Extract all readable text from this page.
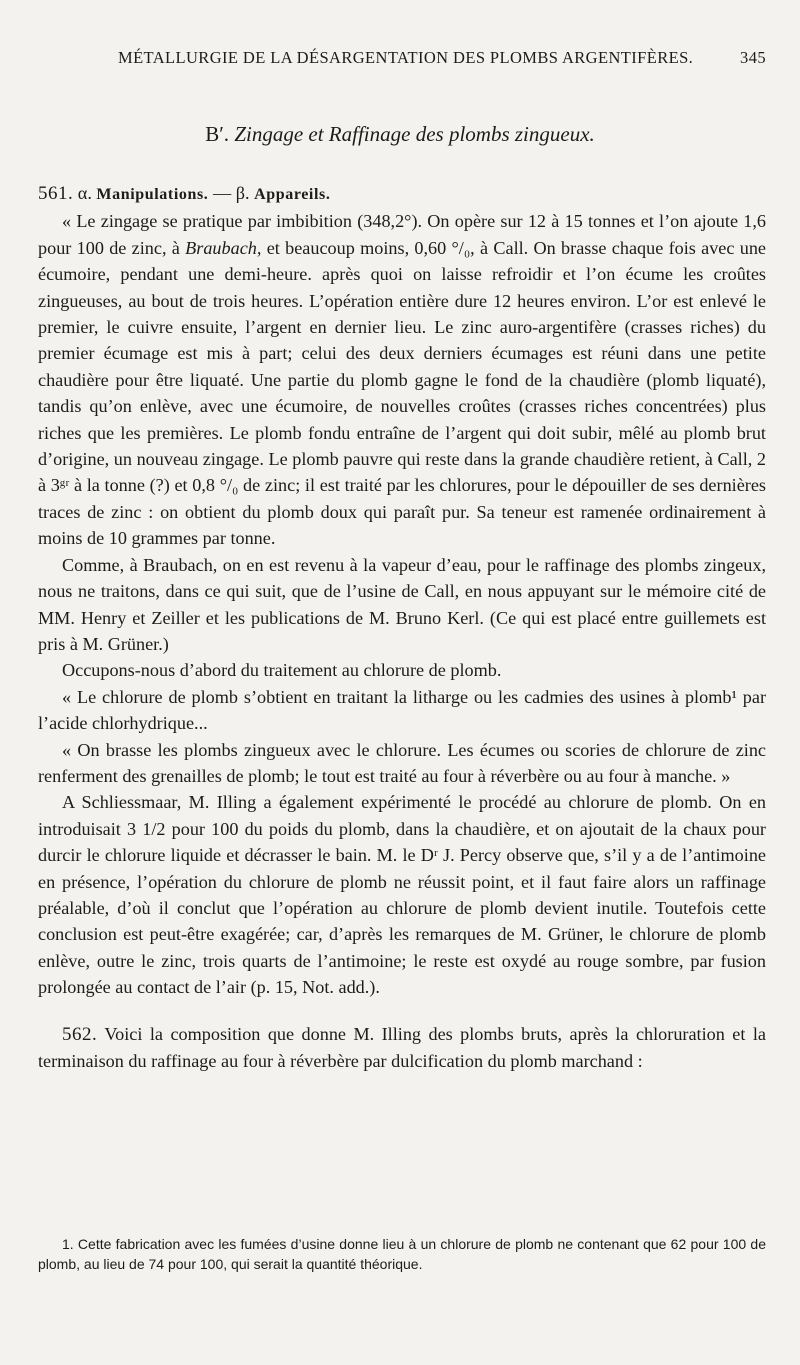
MÉTALLURGIE DE LA DÉSARGENTATION DES PLOMBS ARGENTIFÈRES.	345
B′. Zingage et Raffinage des plombs zingueux.

561. α. Manipulations. — β. Appareils.

« Le zingage se pratique par imbibition (348,2°). On opère sur 12 à 15 tonnes et l’on ajoute 1,6 pour 100 de zinc, à Braubach, et beaucoup moins, 0,60 °/₀, à Call. On brasse chaque fois avec une écumoire, pendant une demi-heure. après quoi on laisse refroidir et l’on écume les croûtes zingueuses, au bout de trois heures. L’opération entière dure 12 heures environ. L’or est enlevé le premier, le cuivre ensuite, l’argent en dernier lieu. Le zinc auro-argentifère (crasses riches) du premier écumage est mis à part; celui des deux derniers écumages est réuni dans une petite chaudière pour être liquaté. Une partie du plomb gagne le fond de la chaudière (plomb liquaté), tandis qu’on enlève, avec une écumoire, de nouvelles croûtes (crasses riches concentrées) plus riches que les premières. Le plomb fondu entraîne de l’argent qui doit subir, mêlé au plomb brut d’origine, un nouveau zingage. Le plomb pauvre qui reste dans la grande chaudière retient, à Call, 2 à 3ᵍʳ à la tonne (?) et 0,8 °/₀ de zinc; il est traité par les chlorures, pour le dépouiller de ses dernières traces de zinc : on obtient du plomb doux qui paraît pur. Sa teneur est ramenée ordinairement à moins de 10 grammes par tonne.

Comme, à Braubach, on en est revenu à la vapeur d’eau, pour le raffinage des plombs zingeux, nous ne traitons, dans ce qui suit, que de l’usine de Call, en nous appuyant sur le mémoire cité de MM. Henry et Zeiller et les publications de M. Bruno Kerl. (Ce qui est placé entre guillemets est pris à M. Grüner.)

Occupons-nous d’abord du traitement au chlorure de plomb.

« Le chlorure de plomb s’obtient en traitant la litharge ou les cadmies des usines à plomb¹ par l’acide chlorhydrique...

« On brasse les plombs zingueux avec le chlorure. Les écumes ou scories de chlorure de zinc renferment des grenailles de plomb; le tout est traité au four à réverbère ou au four à manche. »

A Schliessmaar, M. Illing a également expérimenté le procédé au chlorure de plomb. On en introduisait 3 1/2 pour 100 du poids du plomb, dans la chaudière, et on ajoutait de la chaux pour durcir le chlorure liquide et décrasser le bain. M. le Dʳ J. Percy observe que, s’il y a de l’antimoine en présence, l’opération du chlorure de plomb ne réussit point, et il faut faire alors un raffinage préalable, d’où il conclut que l’opération au chlorure de plomb devient inutile. Toutefois cette conclusion est peut-être exagérée; car, d’après les remarques de M. Grüner, le chlorure de plomb enlève, outre le zinc, trois quarts de l’antimoine; le reste est oxydé au rouge sombre, par fusion prolongée au contact de l’air (p. 15, Not. add.).

562. Voici la composition que donne M. Illing des plombs bruts, après la chloruration et la terminaison du raffinage au four à réverbère par dulcification du plomb marchand :

1. Cette fabrication avec les fumées d’usine donne lieu à un chlorure de plomb ne contenant que 62 pour 100 de plomb, au lieu de 74 pour 100, qui serait la quantité théorique.
